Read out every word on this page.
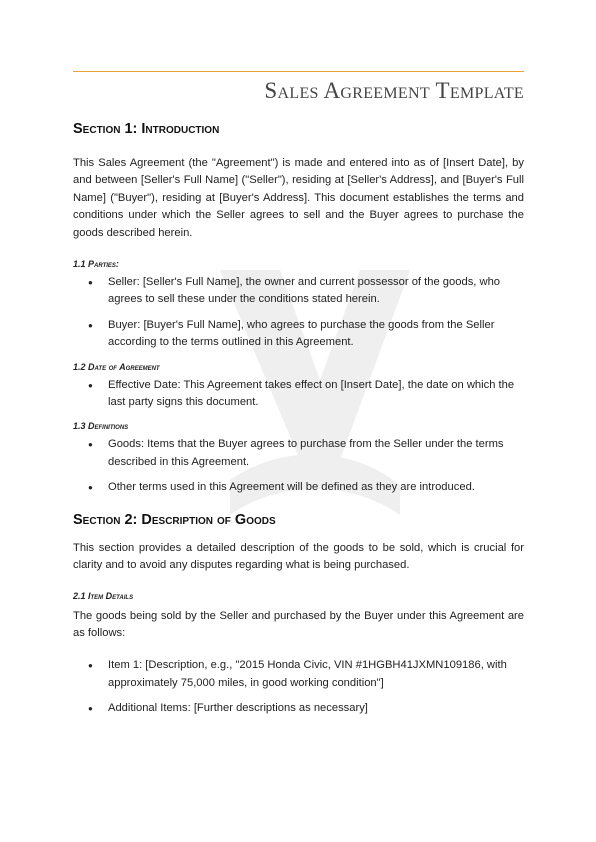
Sales Agreement Template
Section 1: Introduction

This Sales Agreement (the "Agreement") is made and entered into as of [Insert Date], by and between [Seller's Full Name] ("Seller"), residing at [Seller's Address], and [Buyer's Full Name] ("Buyer"), residing at [Buyer's Address]. This document establishes the terms and conditions under which the Seller agrees to sell and the Buyer agrees to purchase the goods described herein.

1.1 Parties:
● Seller: [Seller's Full Name], the owner and current possessor of the goods, who agrees to sell these under the conditions stated herein.
● Buyer: [Buyer's Full Name], who agrees to purchase the goods from the Seller according to the terms outlined in this Agreement.
1.2 Date of Agreement
● Effective Date: This Agreement takes effect on [Insert Date], the date on which the last party signs this document.
1.3 Definitions
● Goods: Items that the Buyer agrees to purchase from the Seller under the terms described in this Agreement.
● Other terms used in this Agreement will be defined as they are introduced.
Section 2: Description of Goods

This section provides a detailed description of the goods to be sold, which is crucial for clarity and to avoid any disputes regarding what is being purchased.

2.1 Item Details

The goods being sold by the Seller and purchased by the Buyer under this Agreement are as follows:

● Item 1: [Description, e.g., "2015 Honda Civic, VIN #1HGBH41JXMN109186, with approximately 75,000 miles, in good working condition"]
● Additional Items: [Further descriptions as necessary]
